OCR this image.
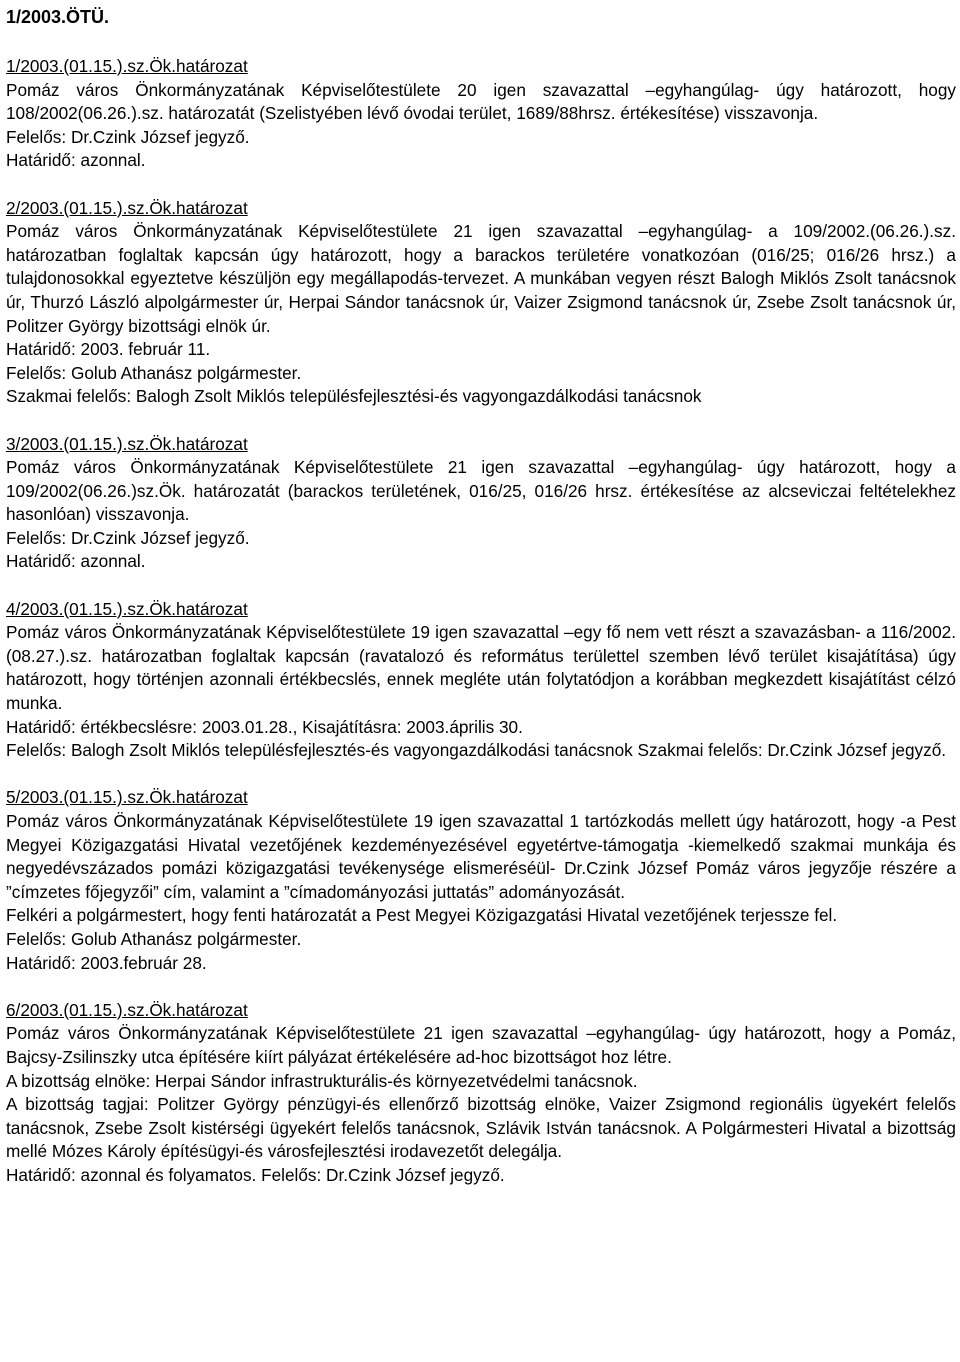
1/2003.ÖTÜ.
1/2003.(01.15.).sz.Ök.határozat

Pomáz város Önkormányzatának Képviselőtestülete 20 igen szavazattal –egyhangúlag- úgy határozott, hogy 108/2002(06.26.).sz. határozatát (Szelistyében lévő óvodai terület, 1689/88hrsz. értékesítése) visszavonja.

Felelős: Dr.Czink József jegyző.

Határidő: azonnal.

2/2003.(01.15.).sz.Ök.határozat

Pomáz város Önkormányzatának Képviselőtestülete 21 igen szavazattal –egyhangúlag- a 109/2002.(06.26.).sz. határozatban foglaltak kapcsán úgy határozott, hogy a barackos területére vonatkozóan (016/25; 016/26 hrsz.) a tulajdonosokkal egyeztetve készüljön egy megállapodás-tervezet. A munkában vegyen részt Balogh Miklós Zsolt tanácsnok úr, Thurzó László alpolgármester úr, Herpai Sándor tanácsnok úr, Vaizer Zsigmond tanácsnok úr, Zsebe Zsolt tanácsnok úr, Politzer György bizottsági elnök úr.

Határidő: 2003. február 11.

Felelős: Golub Athanász polgármester.

Szakmai felelős: Balogh Zsolt Miklós településfejlesztési-és vagyongazdálkodási tanácsnok

3/2003.(01.15.).sz.Ök.határozat

Pomáz város Önkormányzatának Képviselőtestülete 21 igen szavazattal –egyhangúlag- úgy határozott, hogy a 109/2002(06.26.)sz.Ök. határozatát (barackos területének, 016/25, 016/26 hrsz. értékesítése az alcseviczai feltételekhez hasonlóan) visszavonja.

Felelős: Dr.Czink József jegyző.

Határidő: azonnal.

4/2003.(01.15.).sz.Ök.határozat

Pomáz város Önkormányzatának Képviselőtestülete 19 igen szavazattal –egy fő nem vett részt a szavazásban- a 116/2002.(08.27.).sz. határozatban foglaltak kapcsán (ravatalozó és református területtel szemben lévő terület kisajátítása) úgy határozott, hogy történjen azonnali értékbecslés, ennek megléte után folytatódjon a korábban megkezdett kisajátítást célzó munka.

Határidő: értékbecslésre: 2003.01.28., Kisajátításra: 2003.április 30.

Felelős: Balogh Zsolt Miklós településfejlesztés-és vagyongazdálkodási tanácsnok Szakmai felelős: Dr.Czink József jegyző.

5/2003.(01.15.).sz.Ök.határozat

Pomáz város Önkormányzatának Képviselőtestülete 19 igen szavazattal 1 tartózkodás mellett úgy határozott, hogy -a Pest Megyei Közigazgatási Hivatal vezetőjének kezdeményezésével egyetértve-támogatja -kiemelkedő szakmai munkája és negyedévszázados pomázi közigazgatási tevékenysége elismeréséül- Dr.Czink József Pomáz város jegyzője részére a ”címzetes főjegyzői” cím, valamint a ”címadományozási juttatás” adományozását.

Felkéri a polgármestert, hogy fenti határozatát a Pest Megyei Közigazgatási Hivatal vezetőjének terjessze fel.

Felelős: Golub Athanász polgármester.

Határidő: 2003.február 28.

6/2003.(01.15.).sz.Ök.határozat

Pomáz város Önkormányzatának Képviselőtestülete 21 igen szavazattal –egyhangúlag- úgy határozott, hogy a Pomáz, Bajcsy-Zsilinszky utca építésére kiírt pályázat értékelésére ad-hoc bizottságot hoz létre.

A bizottság elnöke: Herpai Sándor infrastrukturális-és környezetvédelmi tanácsnok.

A bizottság tagjai: Politzer György pénzügyi-és ellenőrző bizottság elnöke, Vaizer Zsigmond regionális ügyekért felelős tanácsnok, Zsebe Zsolt kistérségi ügyekért felelős tanácsnok, Szlávik István tanácsnok. A Polgármesteri Hivatal a bizottság mellé Mózes Károly építésügyi-és városfejlesztési irodavezetőt delegálja.

Határidő: azonnal és folyamatos. Felelős: Dr.Czink József jegyző.
